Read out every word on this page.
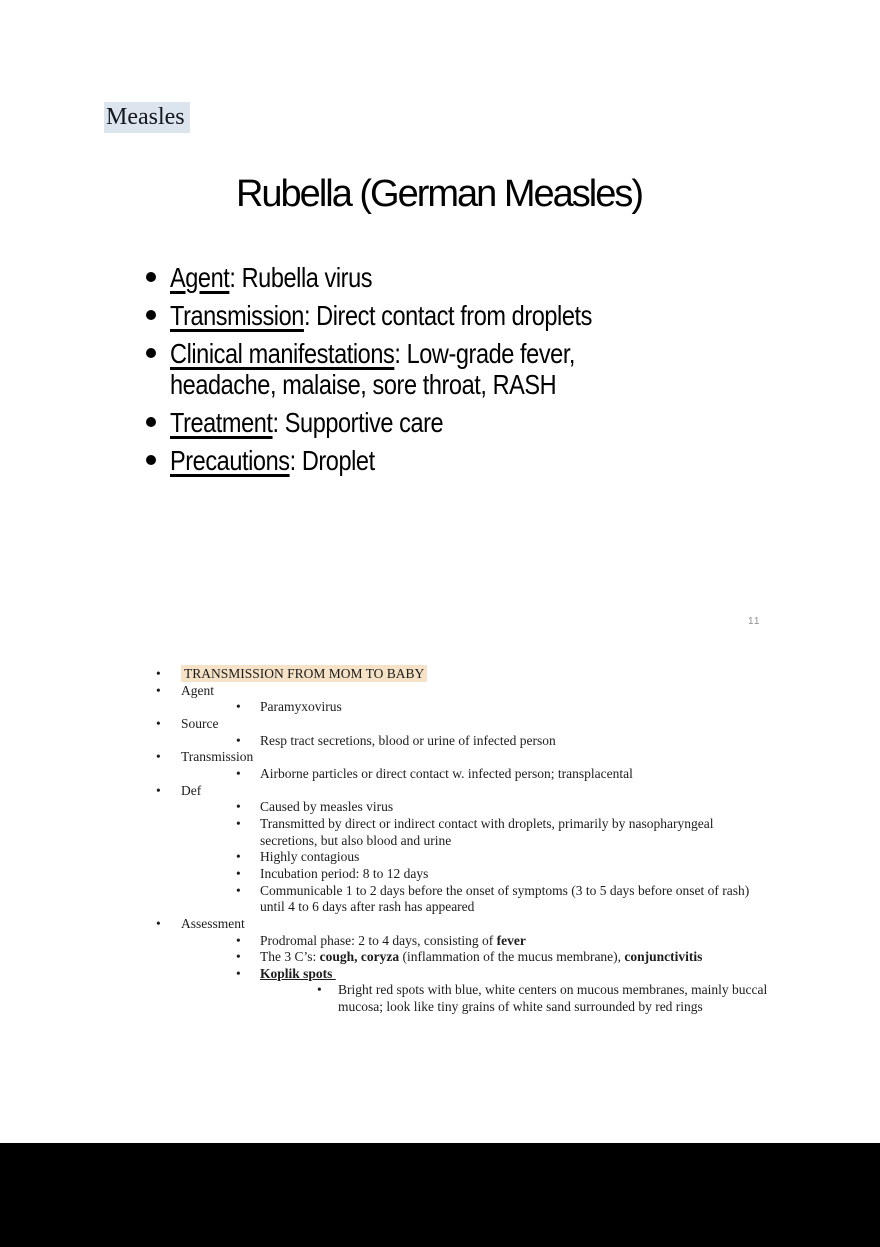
Measles
Rubella (German Measles)
Agent: Rubella virus
Transmission: Direct contact from droplets
Clinical manifestations: Low-grade fever,
headache, malaise, sore throat, RASH
Treatment: Supportive care
Precautions: Droplet
11
•	TRANSMISSION FROM MOM TO BABY
•	Agent
•	Paramyxovirus
•	Source
•	Resp tract secretions, blood or urine of infected person
•	Transmission
•	Airborne particles or direct contact w. infected person; transplacental
•	Def
•	Caused by measles virus
•	Transmitted by direct or indirect contact with droplets, primarily by nasopharyngeal secretions, but also blood and urine
•	Highly contagious
•	Incubation period: 8 to 12 days
•	Communicable 1 to 2 days before the onset of symptoms (3 to 5 days before onset of rash) until 4 to 6 days after rash has appeared
•	Assessment
•	Prodromal phase: 2 to 4 days, consisting of fever
•	The 3 C’s: cough, coryza (inflammation of the mucus membrane), conjunctivitis
•	Koplik spots
•	Bright red spots with blue, white centers on mucous membranes, mainly buccal mucosa; look like tiny grains of white sand surrounded by red rings
